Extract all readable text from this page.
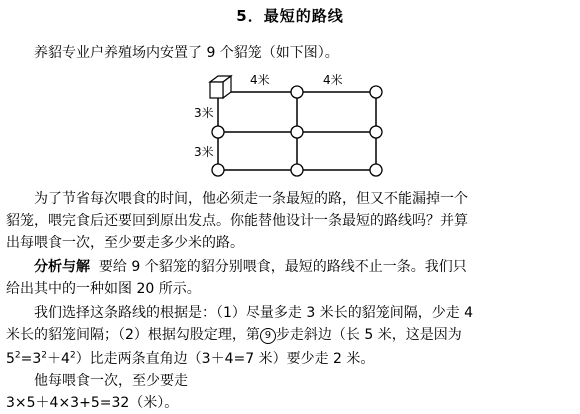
5．最短的路线
养貂专业户养殖场内安置了 9 个貂笼（如下图）。
4米	4米
3米
3米
为了节省每次喂食的时间，他必须走一条最短的路，但又不能漏掉一个
貂笼，喂完食后还要回到原出发点。你能替他设计一条最短的路线吗？并算
出每喂食一次，至少要走多少米的路。
分析与解 要给 9 个貂笼的貂分别喂食，最短的路线不止一条。我们只
给出其中的一种如图 20 所示。
我们选择这条路线的根据是：（1）尽量多走 3 米长的貂笼间隔，少走 4
米长的貂笼间隔；（2）根据勾股定理，第 9 步走斜边（长 5 米，这是因为
$5^2=3^2+4^2$）比走两条直角边（3＋4=7 米）要少走 2 米。
他每喂食一次，至少要走
3×5＋4×3+5=32（米）。
